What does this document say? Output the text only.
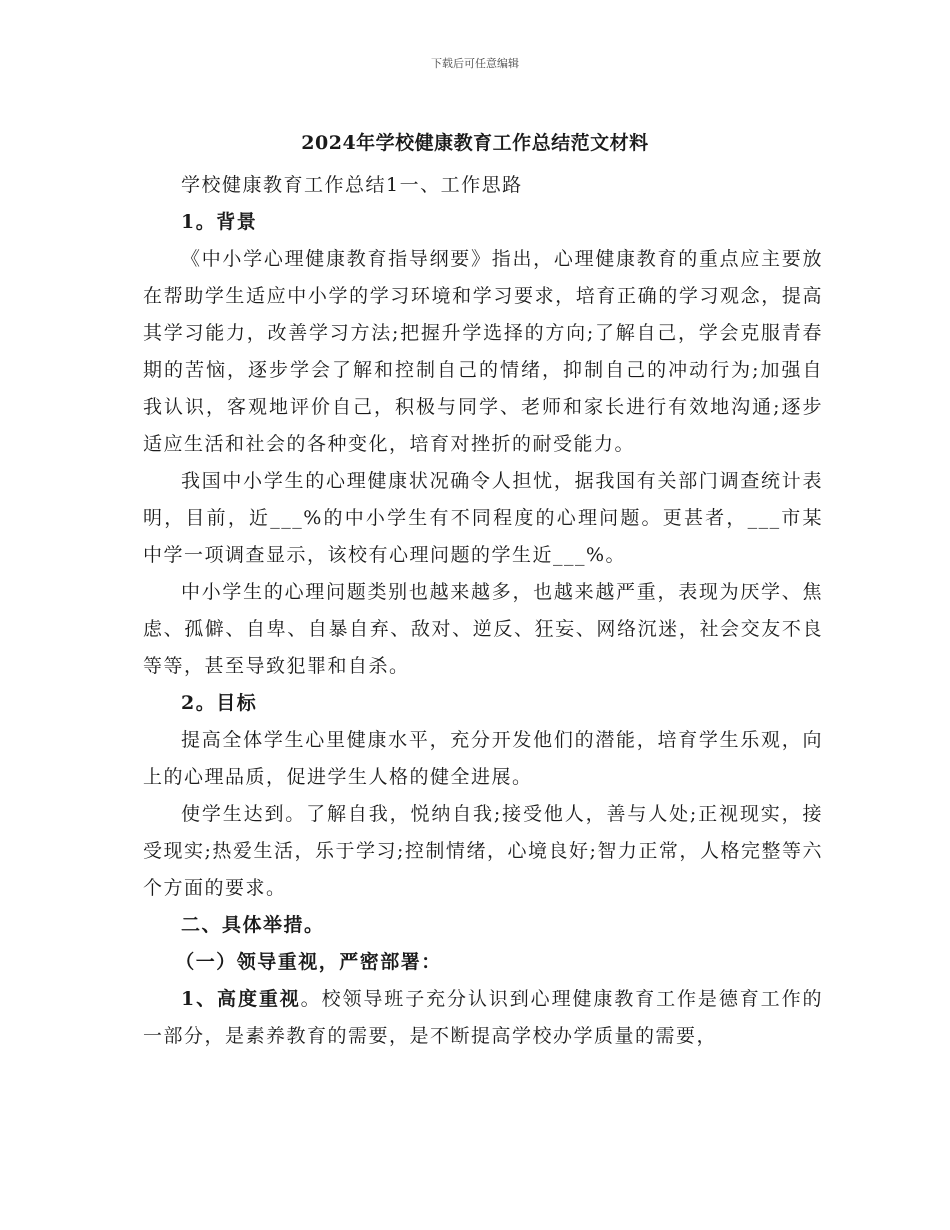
下载后可任意编辑
2024年学校健康教育工作总结范文材料

学校健康教育工作总结1一、工作思路

1。背景

《中小学心理健康教育指导纲要》指出，心理健康教育的重点应主要放在帮助学生适应中小学的学习环境和学习要求，培育正确的学习观念，提高其学习能力，改善学习方法;把握升学选择的方向;了解自己，学会克服青春期的苦恼，逐步学会了解和控制自己的情绪，抑制自己的冲动行为;加强自我认识，客观地评价自己，积极与同学、老师和家长进行有效地沟通;逐步适应生活和社会的各种变化，培育对挫折的耐受能力。

我国中小学生的心理健康状况确令人担忧，据我国有关部门调查统计表明，目前，近___%的中小学生有不同程度的心理问题。更甚者，___市某中学一项调查显示，该校有心理问题的学生近___%。

中小学生的心理问题类别也越来越多，也越来越严重，表现为厌学、焦虑、孤僻、自卑、自暴自弃、敌对、逆反、狂妄、网络沉迷，社会交友不良等等，甚至导致犯罪和自杀。

2。目标

提高全体学生心里健康水平，充分开发他们的潜能，培育学生乐观，向上的心理品质，促进学生人格的健全进展。

使学生达到。了解自我，悦纳自我;接受他人，善与人处;正视现实，接受现实;热爱生活，乐于学习;控制情绪，心境良好;智力正常，人格完整等六个方面的要求。

二、具体举措。

（一）领导重视，严密部署：

1、高度重视。校领导班子充分认识到心理健康教育工作是德育工作的一部分，是素养教育的需要，是不断提高学校办学质量的需要，
